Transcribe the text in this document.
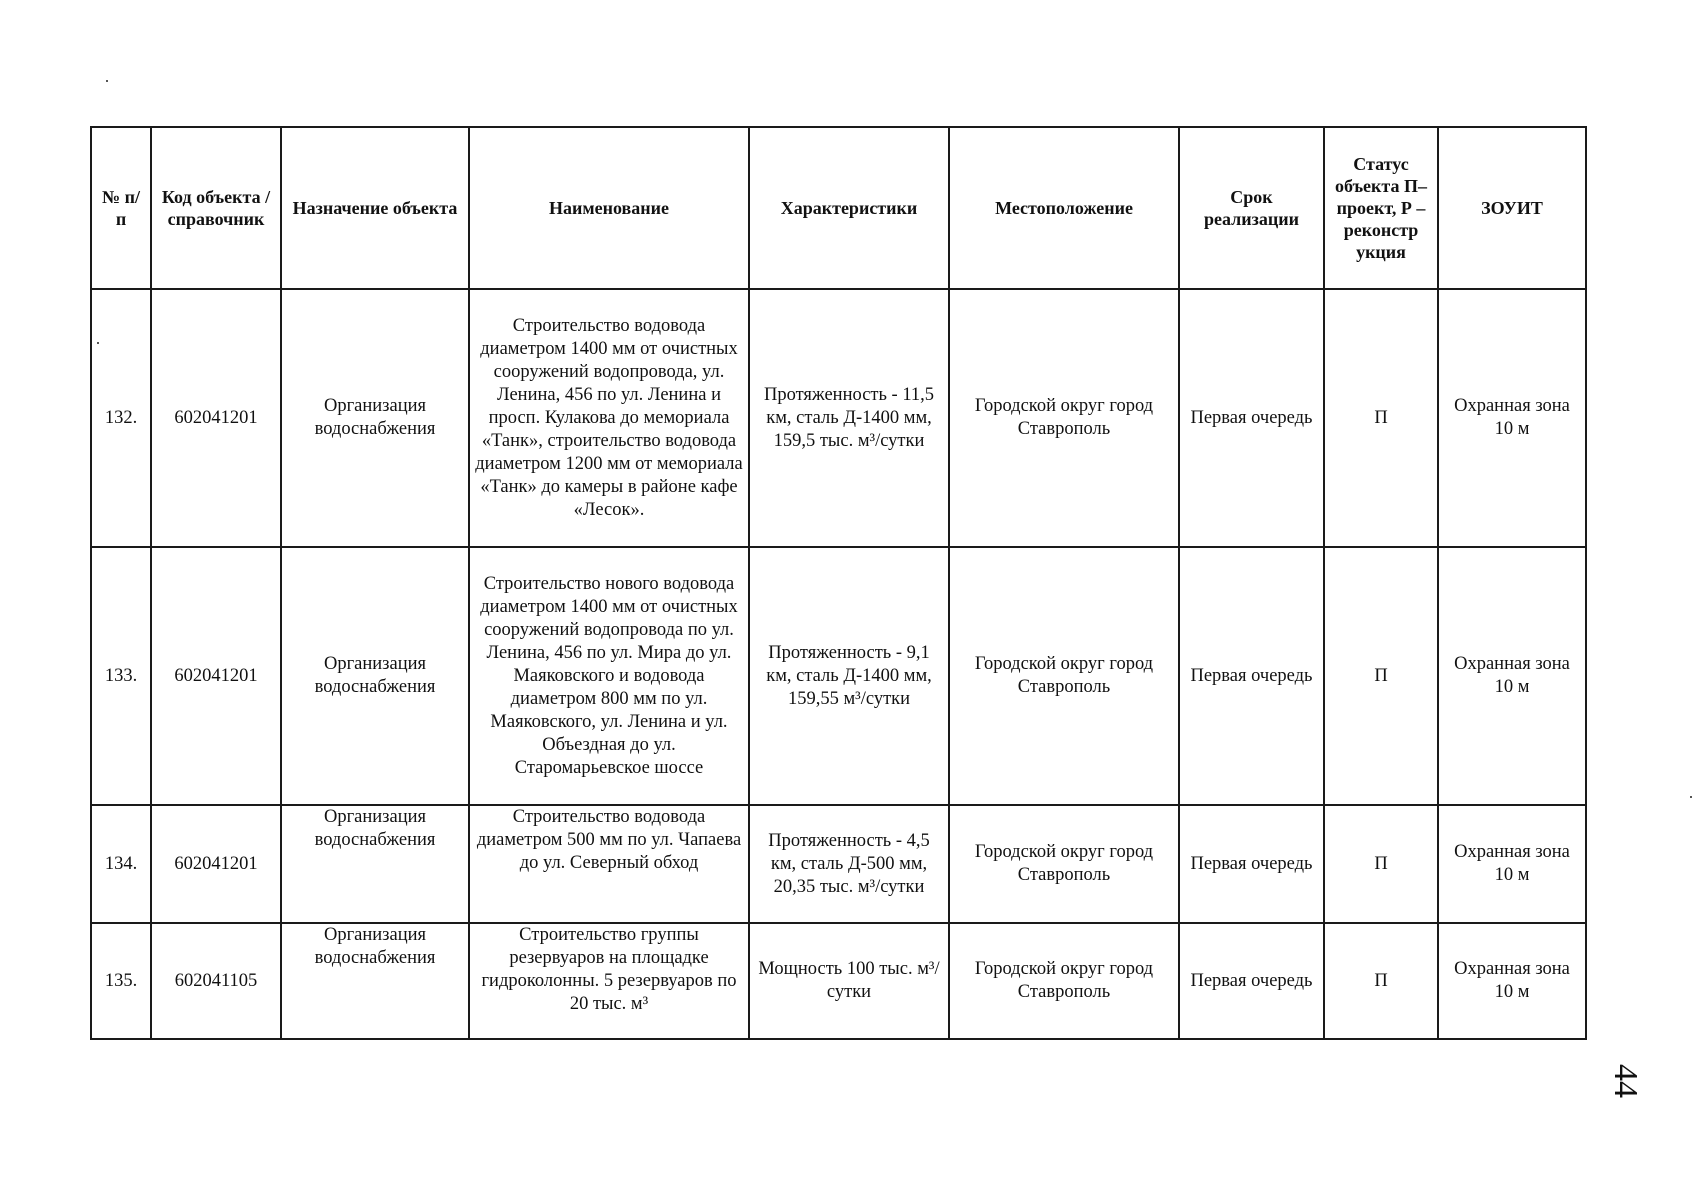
№ п/п	Код объекта / справочник	Назначение объекта	Наименование	Характеристики	Местоположение	Срок реализации	Статус объекта П– проект, Р – реконстр укция	ЗОУИТ
132.	602041201	Организация водоснабжения	Строительство водовода диаметром 1400 мм от очистных сооружений водопровода, ул. Ленина, 456 по ул. Ленина и просп. Кулакова до мемориала «Танк», строительство водовода диаметром 1200 мм от мемориала «Танк» до камеры в районе кафе «Лесок».	Протяженность - 11,5 км, сталь Д-1400 мм, 159,5 тыс. м³/сутки	Городской округ город Ставрополь	Первая очередь	П	Охранная зона 10 м
133.	602041201	Организация водоснабжения	Строительство нового водовода диаметром 1400 мм от очистных сооружений водопровода по ул. Ленина, 456 по ул. Мира до ул. Маяковского и водовода диаметром 800 мм по ул. Маяковского, ул. Ленина и ул. Объездная до ул. Старомарьевское шоссе	Протяженность - 9,1 км, сталь Д-1400 мм, 159,55 м³/сутки	Городской округ город Ставрополь	Первая очередь	П	Охранная зона 10 м
134.	602041201	Организация водоснабжения	Строительство водовода диаметром 500 мм по ул. Чапаева до ул. Северный обход	Протяженность - 4,5 км, сталь Д-500 мм, 20,35 тыс. м³/сутки	Городской округ город Ставрополь	Первая очередь	П	Охранная зона 10 м
135.	602041105	Организация водоснабжения	Строительство группы резервуаров на площадке гидроколонны. 5 резервуаров по 20 тыс. м³	Мощность 100 тыс. м³/сутки	Городской округ город Ставрополь	Первая очередь	П	Охранная зона 10 м
44
